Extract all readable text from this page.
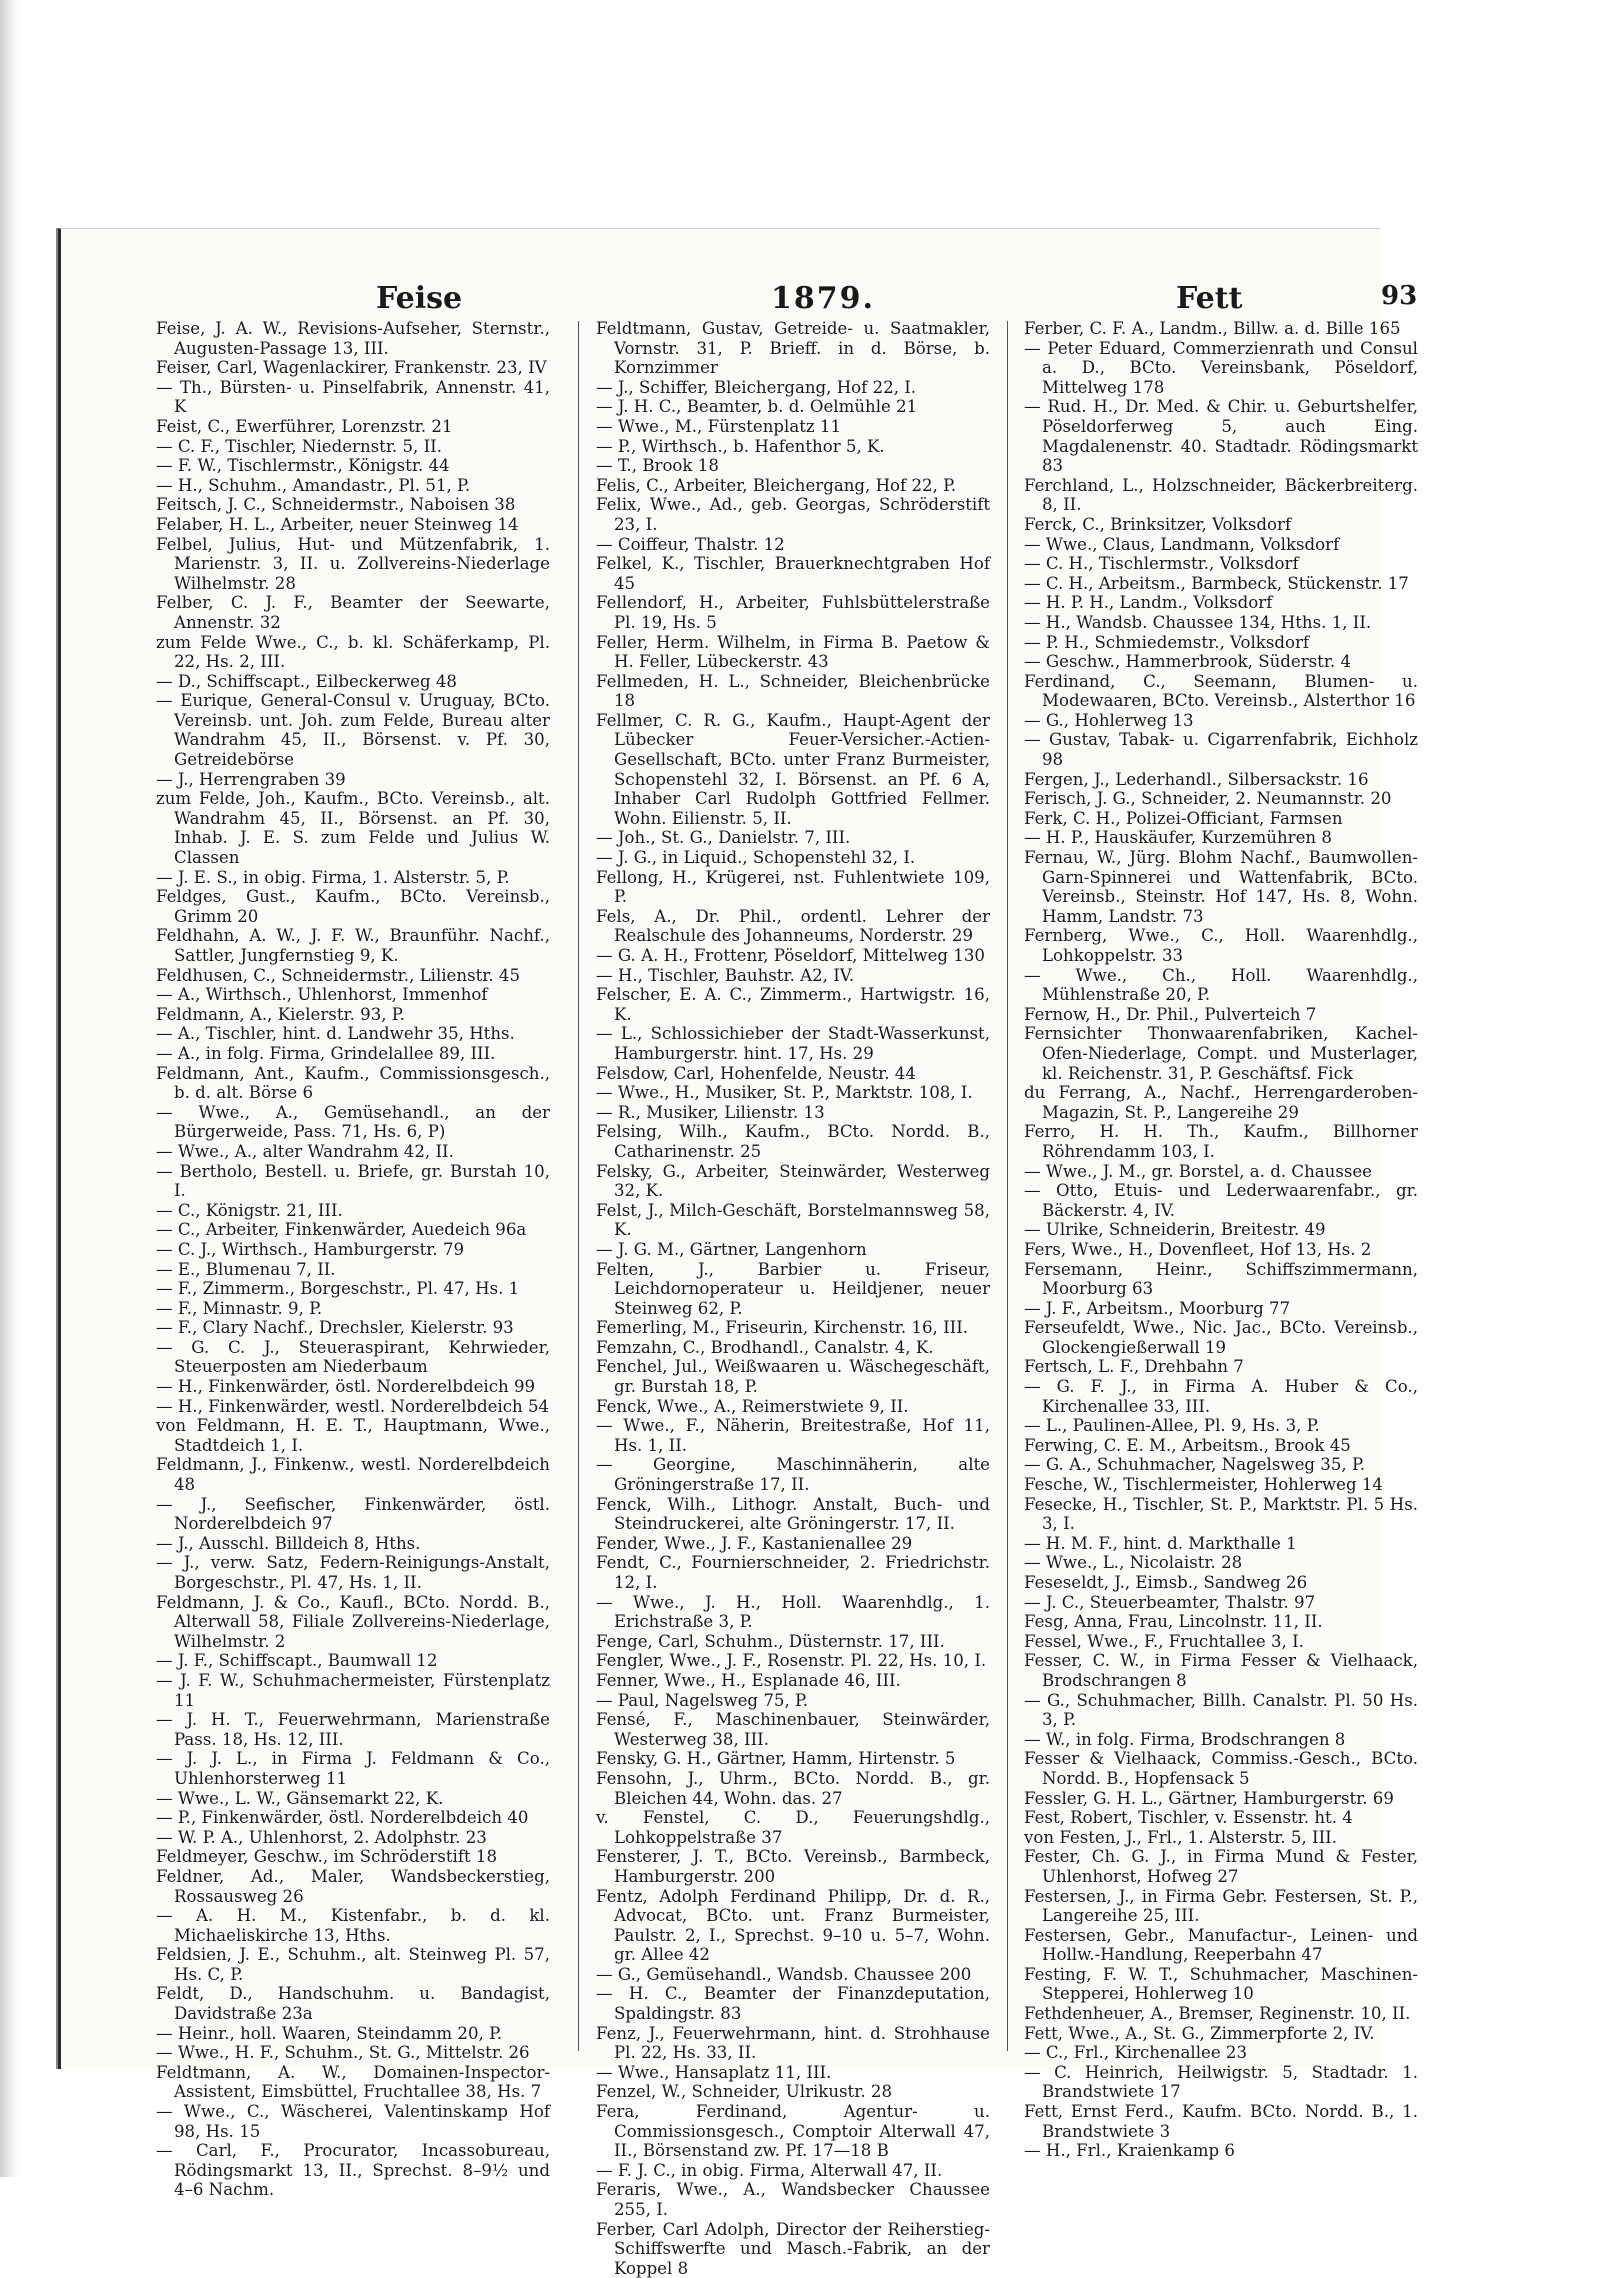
Feise	1879.	Fett	93

Feise, J. A. W., Revisions-Aufseher, Sternstr., Augusten-Passage 13, III.

Feiser, Carl, Wagenlackirer, Frankenstr. 23, IV

— Th., Bürsten- u. Pinselfabrik, Annenstr. 41, K

Feist, C., Ewerführer, Lorenzstr. 21

— C. F., Tischler, Niedernstr. 5, II.

— F. W., Tischlermstr., Königstr. 44

— H., Schuhm., Amandastr., Pl. 51, P.

Feitsch, J. C., Schneidermstr., Naboisen 38

Felaber, H. L., Arbeiter, neuer Steinweg 14

Felbel, Julius, Hut- und Mützenfabrik, 1. Marienstr. 3, II. u. Zollvereins-Niederlage Wilhelmstr. 28

Felber, C. J. F., Beamter der Seewarte, Annenstr. 32

zum Felde Wwe., C., b. kl. Schäferkamp, Pl. 22, Hs. 2, III.

— D., Schiffscapt., Eilbeckerweg 48

— Eurique, General-Consul v. Uruguay, BCto. Vereinsb. unt. Joh. zum Felde, Bureau alter Wandrahm 45, II., Börsenst. v. Pf. 30, Getreidebörse

— J., Herrengraben 39

zum Felde, Joh., Kaufm., BCto. Vereinsb., alt. Wandrahm 45, II., Börsenst. an Pf. 30, Inhab. J. E. S. zum Felde und Julius W. Classen

— J. E. S., in obig. Firma, 1. Alsterstr. 5, P.

Feldges, Gust., Kaufm., BCto. Vereinsb., Grimm 20

Feldhahn, A. W., J. F. W., Braunführ. Nachf., Sattler, Jungfernstieg 9, K.

Feldhusen, C., Schneidermstr., Lilienstr. 45

— A., Wirthsch., Uhlenhorst, Immenhof

Feldmann, A., Kielerstr. 93, P.

— A., Tischler, hint. d. Landwehr 35, Hths.

— A., in folg. Firma, Grindelallee 89, III.

Feldmann, Ant., Kaufm., Commissionsgesch., b. d. alt. Börse 6

— Wwe., A., Gemüsehandl., an der Bürgerweide, Pass. 71, Hs. 6, P)

— Wwe., A., alter Wandrahm 42, II.

— Bertholo, Bestell. u. Briefe, gr. Burstah 10, I.

— C., Königstr. 21, III.

— C., Arbeiter, Finkenwärder, Auedeich 96a

— C. J., Wirthsch., Hamburgerstr. 79

— E., Blumenau 7, II.

— F., Zimmerm., Borgeschstr., Pl. 47, Hs. 1

— F., Minnastr. 9, P.

— F., Clary Nachf., Drechsler, Kielerstr. 93

— G. C. J., Steueraspirant, Kehrwieder, Steuerposten am Niederbaum

— H., Finkenwärder, östl. Norderelbdeich 99

— H., Finkenwärder, westl. Norderelbdeich 54

von Feldmann, H. E. T., Hauptmann, Wwe., Stadtdeich 1, I.

Feldmann, J., Finkenw., westl. Norderelbdeich 48

— J., Seefischer, Finkenwärder, östl. Norderelbdeich 97

— J., Ausschl. Billdeich 8, Hths.

— J., verw. Satz, Federn-Reinigungs-Anstalt, Borgeschstr., Pl. 47, Hs. 1, II.

Feldmann, J. & Co., Kaufl., BCto. Nordd. B., Alterwall 58, Filiale Zollvereins-Niederlage, Wilhelmstr. 2

— J. F., Schiffscapt., Baumwall 12

— J. F. W., Schuhmachermeister, Fürstenplatz 11

— J. H. T., Feuerwehrmann, Marienstraße Pass. 18, Hs. 12, III.

— J. J. L., in Firma J. Feldmann & Co., Uhlenhorsterweg 11

— Wwe., L. W., Gänsemarkt 22, K.

— P., Finkenwärder, östl. Norderelbdeich 40

— W. P. A., Uhlenhorst, 2. Adolphstr. 23

Feldmeyer, Geschw., im Schröderstift 18

Feldner, Ad., Maler, Wandsbeckerstieg, Rossausweg 26

— A. H. M., Kistenfabr., b. d. kl. Michaeliskirche 13, Hths.

Feldsien, J. E., Schuhm., alt. Steinweg Pl. 57, Hs. C, P.

Feldt, D., Handschuhm. u. Bandagist, Davidstraße 23a

— Heinr., holl. Waaren, Steindamm 20, P.

— Wwe., H. F., Schuhm., St. G., Mittelstr. 26

Feldtmann, A. W., Domainen-Inspector-Assistent, Eimsbüttel, Fruchtallee 38, Hs. 7

— Wwe., C., Wäscherei, Valentinskamp Hof 98, Hs. 15

— Carl, F., Procurator, Incassobureau, Rödingsmarkt 13, II., Sprechst. 8–9½ und 4–6 Nachm.

Feldtmann, Gustav, Getreide- u. Saatmakler, Vornstr. 31, P. Brieff. in d. Börse, b. Kornzimmer

— J., Schiffer, Bleichergang, Hof 22, I.

— J. H. C., Beamter, b. d. Oelmühle 21

— Wwe., M., Fürstenplatz 11

— P., Wirthsch., b. Hafenthor 5, K.

— T., Brook 18

Felis, C., Arbeiter, Bleichergang, Hof 22, P.

Felix, Wwe., Ad., geb. Georgas, Schröderstift 23, I.

— Coiffeur, Thalstr. 12

Felkel, K., Tischler, Brauerknechtgraben Hof 45

Fellendorf, H., Arbeiter, Fuhlsbüttelerstraße Pl. 19, Hs. 5

Feller, Herm. Wilhelm, in Firma B. Paetow & H. Feller, Lübeckerstr. 43

Fellmeden, H. L., Schneider, Bleichenbrücke 18

Fellmer, C. R. G., Kaufm., Haupt-Agent der Lübecker Feuer-Versicher.-Actien-Gesellschaft, BCto. unter Franz Burmeister, Schopenstehl 32, I. Börsenst. an Pf. 6 A, Inhaber Carl Rudolph Gottfried Fellmer. Wohn. Eilienstr. 5, II.

— Joh., St. G., Danielstr. 7, III.

— J. G., in Liquid., Schopenstehl 32, I.

Fellong, H., Krügerei, nst. Fuhlentwiete 109, P.

Fels, A., Dr. Phil., ordentl. Lehrer der Realschule des Johanneums, Norderstr. 29

— G. A. H., Frottenr, Pöseldorf, Mittelweg 130

— H., Tischler, Bauhstr. A2, IV.

Felscher, E. A. C., Zimmerm., Hartwigstr. 16, K.

— L., Schlossichieber der Stadt-Wasserkunst, Hamburgerstr. hint. 17, Hs. 29

Felsdow, Carl, Hohenfelde, Neustr. 44

— Wwe., H., Musiker, St. P., Marktstr. 108, I.

— R., Musiker, Lilienstr. 13

Felsing, Wilh., Kaufm., BCto. Nordd. B., Catharinenstr. 25

Felsky, G., Arbeiter, Steinwärder, Westerweg 32, K.

Felst, J., Milch-Geschäft, Borstelmannsweg 58, K.

— J. G. M., Gärtner, Langenhorn

Felten, J., Barbier u. Friseur, Leichdornoperateur u. Heildjener, neuer Steinweg 62, P.

Femerling, M., Friseurin, Kirchenstr. 16, III.

Femzahn, C., Brodhandl., Canalstr. 4, K.

Fenchel, Jul., Weißwaaren u. Wäschegeschäft, gr. Burstah 18, P.

Fenck, Wwe., A., Reimerstwiete 9, II.

— Wwe., F., Näherin, Breitestraße, Hof 11, Hs. 1, II.

— Georgine, Maschinnäherin, alte Gröningerstraße 17, II.

Fenck, Wilh., Lithogr. Anstalt, Buch- und Steindruckerei, alte Gröningerstr. 17, II.

Fender, Wwe., J. F., Kastanienallee 29

Fendt, C., Fournierschneider, 2. Friedrichstr. 12, I.

— Wwe., J. H., Holl. Waarenhdlg., 1. Erichstraße 3, P.

Fenge, Carl, Schuhm., Düsternstr. 17, III.

Fengler, Wwe., J. F., Rosenstr. Pl. 22, Hs. 10, I.

Fenner, Wwe., H., Esplanade 46, III.

— Paul, Nagelsweg 75, P.

Fensé, F., Maschinenbauer, Steinwärder, Westerweg 38, III.

Fensky, G. H., Gärtner, Hamm, Hirtenstr. 5

Fensohn, J., Uhrm., BCto. Nordd. B., gr. Bleichen 44, Wohn. das. 27

v. Fenstel, C. D., Feuerungshdlg., Lohkoppelstraße 37

Fensterer, J. T., BCto. Vereinsb., Barmbeck, Hamburgerstr. 200

Fentz, Adolph Ferdinand Philipp, Dr. d. R., Advocat, BCto. unt. Franz Burmeister, Paulstr. 2, I., Sprechst. 9–10 u. 5–7, Wohn. gr. Allee 42

— G., Gemüsehandl., Wandsb. Chaussee 200

— H. C., Beamter der Finanzdeputation, Spaldingstr. 83

Fenz, J., Feuerwehrmann, hint. d. Strohhause Pl. 22, Hs. 33, II.

— Wwe., Hansaplatz 11, III.

Fenzel, W., Schneider, Ulrikustr. 28

Fera, Ferdinand, Agentur- u. Commissionsgesch., Comptoir Alterwall 47, II., Börsenstand zw. Pf. 17—18 B

— F. J. C., in obig. Firma, Alterwall 47, II.

Feraris, Wwe., A., Wandsbecker Chaussee 255, I.

Ferber, Carl Adolph, Director der Reiherstieg-Schiffswerfte und Masch.-Fabrik, an der Koppel 8

Ferber, C. F. A., Landm., Billw. a. d. Bille 165

— Peter Eduard, Commerzienrath und Consul a. D., BCto. Vereinsbank, Pöseldorf, Mittelweg 178

— Rud. H., Dr. Med. & Chir. u. Geburtshelfer, Pöseldorferweg 5, auch Eing. Magdalenenstr. 40. Stadtadr. Rödingsmarkt 83

Ferchland, L., Holzschneider, Bäckerbreiterg. 8, II.

Ferck, C., Brinksitzer, Volksdorf

— Wwe., Claus, Landmann, Volksdorf

— C. H., Tischlermstr., Volksdorf

— C. H., Arbeitsm., Barmbeck, Stückenstr. 17

— H. P. H., Landm., Volksdorf

— H., Wandsb. Chaussee 134, Hths. 1, II.

— P. H., Schmiedemstr., Volksdorf

— Geschw., Hammerbrook, Süderstr. 4

Ferdinand, C., Seemann, Blumen- u. Modewaaren, BCto. Vereinsb., Alsterthor 16

— G., Hohlerweg 13

— Gustav, Tabak- u. Cigarrenfabrik, Eichholz 98

Fergen, J., Lederhandl., Silbersackstr. 16

Ferisch, J. G., Schneider, 2. Neumannstr. 20

Ferk, C. H., Polizei-Officiant, Farmsen

— H. P., Hauskäufer, Kurzemühren 8

Fernau, W., Jürg. Blohm Nachf., Baumwollen-Garn-Spinnerei und Wattenfabrik, BCto. Vereinsb., Steinstr. Hof 147, Hs. 8, Wohn. Hamm, Landstr. 73

Fernberg, Wwe., C., Holl. Waarenhdlg., Lohkoppelstr. 33

— Wwe., Ch., Holl. Waarenhdlg., Mühlenstraße 20, P.

Fernow, H., Dr. Phil., Pulverteich 7

Fernsichter Thonwaarenfabriken, Kachel-Ofen-Niederlage, Compt. und Musterlager, kl. Reichenstr. 31, P. Geschäftsf. Fick

du Ferrang, A., Nachf., Herrengarderoben-Magazin, St. P., Langereihe 29

Ferro, H. H. Th., Kaufm., Billhorner Röhrendamm 103, I.

— Wwe., J. M., gr. Borstel, a. d. Chaussee

— Otto, Etuis- und Lederwaarenfabr., gr. Bäckerstr. 4, IV.

— Ulrike, Schneiderin, Breitestr. 49

Fers, Wwe., H., Dovenfleet, Hof 13, Hs. 2

Fersemann, Heinr., Schiffszimmermann, Moorburg 63

— J. F., Arbeitsm., Moorburg 77

Ferseufeldt, Wwe., Nic. Jac., BCto. Vereinsb., Glockengießerwall 19

Fertsch, L. F., Drehbahn 7

— G. F. J., in Firma A. Huber & Co., Kirchenallee 33, III.

— L., Paulinen-Allee, Pl. 9, Hs. 3, P.

Ferwing, C. E. M., Arbeitsm., Brook 45

— G. A., Schuhmacher, Nagelsweg 35, P.

Fesche, W., Tischlermeister, Hohlerweg 14

Fesecke, H., Tischler, St. P., Marktstr. Pl. 5 Hs. 3, I.

— H. M. F., hint. d. Markthalle 1

— Wwe., L., Nicolaistr. 28

Feseseldt, J., Eimsb., Sandweg 26

— J. C., Steuerbeamter, Thalstr. 97

Fesg, Anna, Frau, Lincolnstr. 11, II.

Fessel, Wwe., F., Fruchtallee 3, I.

Fesser, C. W., in Firma Fesser & Vielhaack, Brodschrangen 8

— G., Schuhmacher, Billh. Canalstr. Pl. 50 Hs. 3, P.

— W., in folg. Firma, Brodschrangen 8

Fesser & Vielhaack, Commiss.-Gesch., BCto. Nordd. B., Hopfensack 5

Fessler, G. H. L., Gärtner, Hamburgerstr. 69

Fest, Robert, Tischler, v. Essenstr. ht. 4

von Festen, J., Frl., 1. Alsterstr. 5, III.

Fester, Ch. G. J., in Firma Mund & Fester, Uhlenhorst, Hofweg 27

Festersen, J., in Firma Gebr. Festersen, St. P., Langereihe 25, III.

Festersen, Gebr., Manufactur-, Leinen- und Hollw.-Handlung, Reeperbahn 47

Festing, F. W. T., Schuhmacher, Maschinen-Stepperei, Hohlerweg 10

Fethdenheuer, A., Bremser, Reginenstr. 10, II.

Fett, Wwe., A., St. G., Zimmerpforte 2, IV.

— C., Frl., Kirchenallee 23

— C. Heinrich, Heilwigstr. 5, Stadtadr. 1. Brandstwiete 17

Fett, Ernst Ferd., Kaufm. BCto. Nordd. B., 1. Brandstwiete 3

— H., Frl., Kraienkamp 6
